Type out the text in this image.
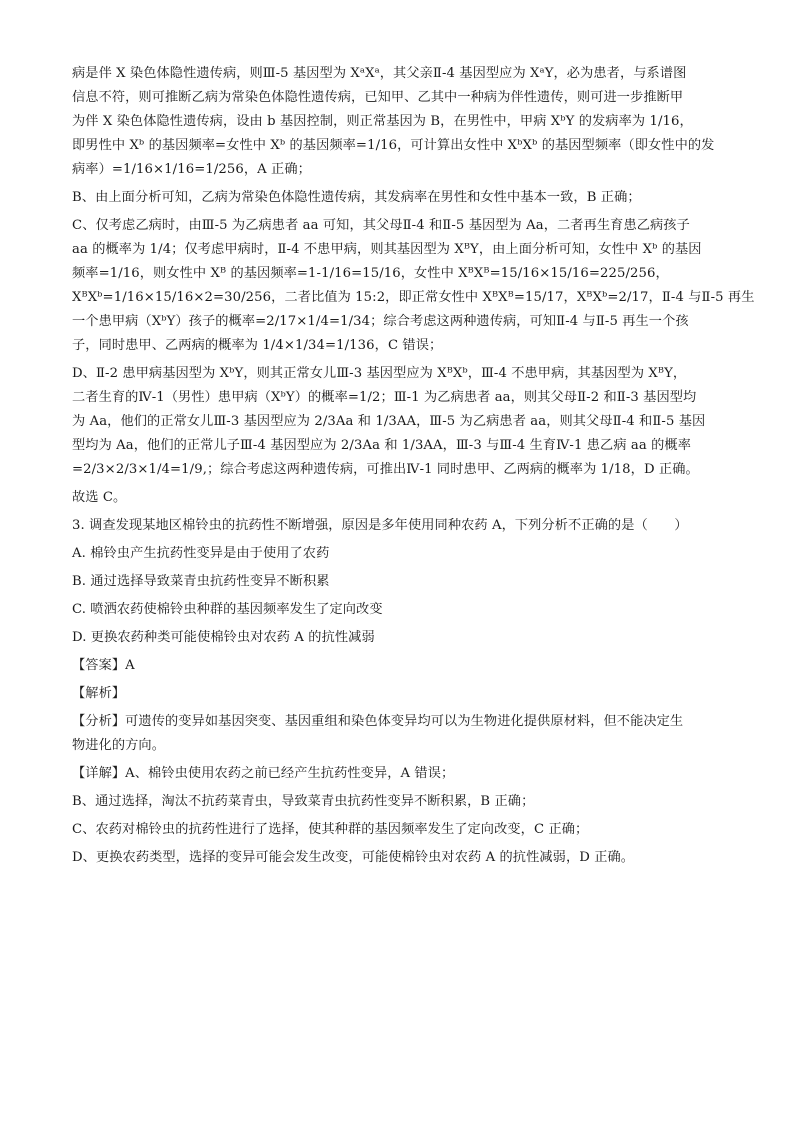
病是伴 X 染色体隐性遗传病，则Ⅲ-5 基因型为 XᵃXᵃ，其父亲Ⅱ-4 基因型应为 XᵃY，必为患者，与系谱图
信息不符，则可推断乙病为常染色体隐性遗传病，已知甲、乙其中一种病为伴性遗传，则可进一步推断甲
为伴 X 染色体隐性遗传病，设由 b 基因控制，则正常基因为 B，在男性中，甲病 XᵇY 的发病率为 1/16，
即男性中 Xᵇ 的基因频率=女性中 Xᵇ 的基因频率=1/16，可计算出女性中 XᵇXᵇ 的基因型频率（即女性中的发
病率）=1/16×1/16=1/256，A 正确；
B、由上面分析可知，乙病为常染色体隐性遗传病，其发病率在男性和女性中基本一致，B 正确；
C、仅考虑乙病时，由Ⅲ-5 为乙病患者 aa 可知，其父母Ⅱ-4 和Ⅱ-5 基因型为 Aa，二者再生育患乙病孩子
aa 的概率为 1/4；仅考虑甲病时，Ⅱ-4 不患甲病，则其基因型为 XᴮY，由上面分析可知，女性中 Xᵇ 的基因
频率=1/16，则女性中 Xᴮ 的基因频率=1-1/16=15/16，女性中 XᴮXᴮ=15/16×15/16=225/256，
XᴮXᵇ=1/16×15/16×2=30/256，二者比值为 15:2，即正常女性中 XᴮXᴮ=15/17，XᴮXᵇ=2/17，Ⅱ-4 与Ⅱ-5 再生
一个患甲病（XᵇY）孩子的概率=2/17×1/4=1/34；综合考虑这两种遗传病，可知Ⅱ-4 与Ⅱ-5 再生一个孩
子，同时患甲、乙两病的概率为 1/4×1/34=1/136，C 错误；
D、Ⅱ-2 患甲病基因型为 XᵇY，则其正常女儿Ⅲ-3 基因型应为 XᴮXᵇ，Ⅲ-4 不患甲病，其基因型为 XᴮY，
二者生育的Ⅳ-1（男性）患甲病（XᵇY）的概率=1/2；Ⅲ-1 为乙病患者 aa，则其父母Ⅱ-2 和Ⅱ-3 基因型均
为 Aa，他们的正常女儿Ⅲ-3 基因型应为 2/3Aa 和 1/3AA，Ⅲ-5 为乙病患者 aa，则其父母Ⅱ-4 和Ⅱ-5 基因
型均为 Aa，他们的正常儿子Ⅲ-4 基因型应为 2/3Aa 和 1/3AA，Ⅲ-3 与Ⅲ-4 生育Ⅳ-1 患乙病 aa 的概率
=2/3×2/3×1/4=1/9,；综合考虑这两种遗传病，可推出Ⅳ-1 同时患甲、乙两病的概率为 1/18，D 正确。
故选 C。
3. 调查发现某地区棉铃虫的抗药性不断增强，原因是多年使用同种农药 A，下列分析不正确的是（　　）
A. 棉铃虫产生抗药性变异是由于使用了农药
B. 通过选择导致菜青虫抗药性变异不断积累
C. 喷洒农药使棉铃虫种群的基因频率发生了定向改变
D. 更换农药种类可能使棉铃虫对农药 A 的抗性减弱
【答案】A
【解析】
【分析】可遗传的变异如基因突变、基因重组和染色体变异均可以为生物进化提供原材料，但不能决定生
物进化的方向。
【详解】A、棉铃虫使用农药之前已经产生抗药性变异，A 错误；
B、通过选择，淘汰不抗药菜青虫，导致菜青虫抗药性变异不断积累，B 正确；
C、农药对棉铃虫的抗药性进行了选择，使其种群的基因频率发生了定向改变，C 正确；
D、更换农药类型，选择的变异可能会发生改变，可能使棉铃虫对农药 A 的抗性减弱，D 正确。
